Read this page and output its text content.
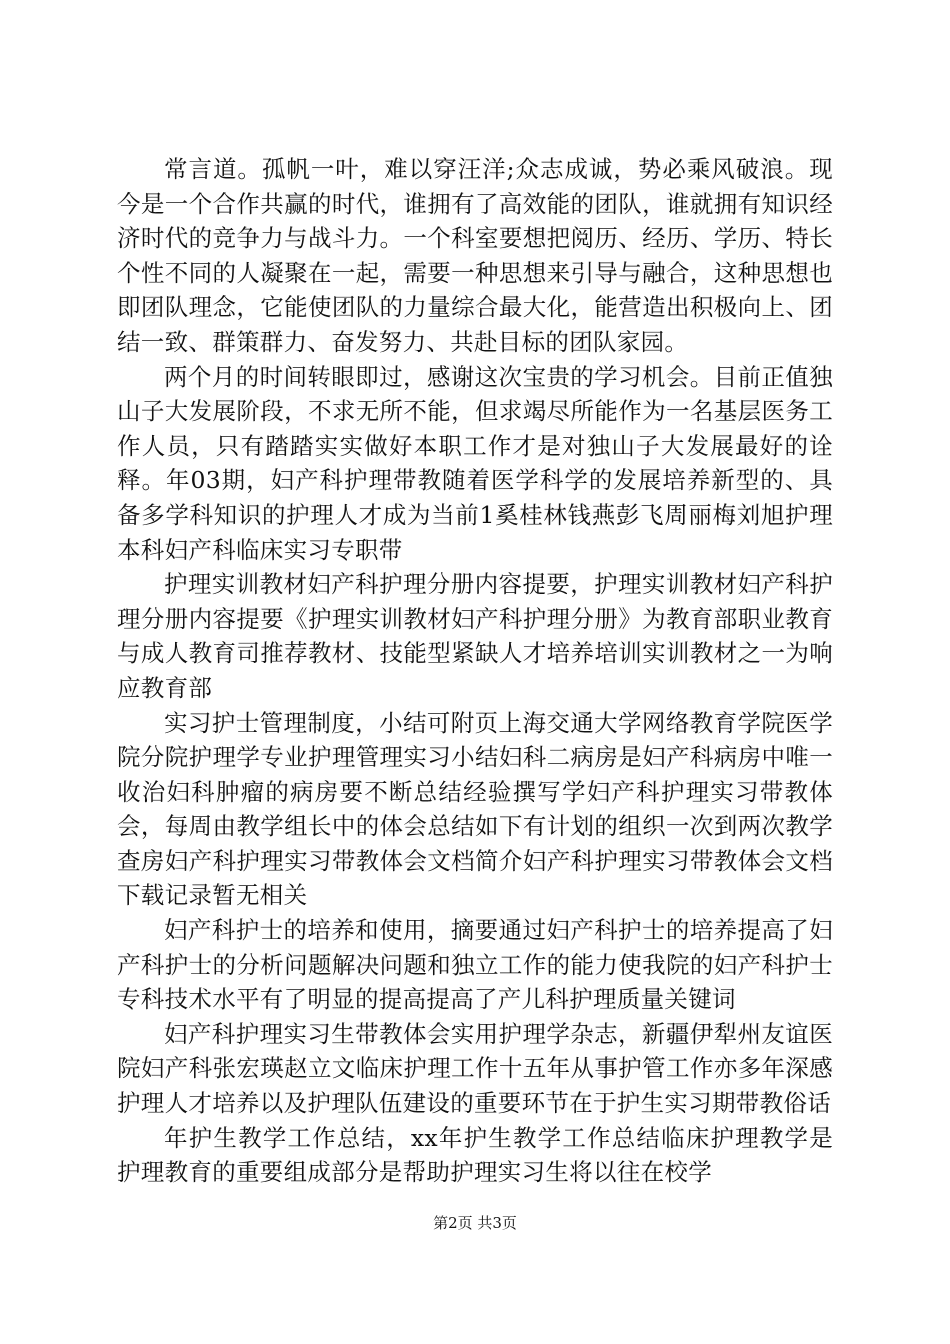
常言道。孤帆一叶，难以穿汪洋;众志成诚，势必乘风破浪。现今是一个合作共赢的时代，谁拥有了高效能的团队，谁就拥有知识经济时代的竞争力与战斗力。一个科室要想把阅历、经历、学历、特长个性不同的人凝聚在一起，需要一种思想来引导与融合，这种思想也即团队理念，它能使团队的力量综合最大化，能营造出积极向上、团结一致、群策群力、奋发努力、共赴目标的团队家园。

两个月的时间转眼即过，感谢这次宝贵的学习机会。目前正值独山子大发展阶段，不求无所不能，但求竭尽所能作为一名基层医务工作人员，只有踏踏实实做好本职工作才是对独山子大发展最好的诠释。年03期，妇产科护理带教随着医学科学的发展培养新型的、具备多学科知识的护理人才成为当前1奚桂林钱燕彭飞周丽梅刘旭护理本科妇产科临床实习专职带

护理实训教材妇产科护理分册内容提要，护理实训教材妇产科护理分册内容提要《护理实训教材妇产科护理分册》为教育部职业教育与成人教育司推荐教材、技能型紧缺人才培养培训实训教材之一为响应教育部

实习护士管理制度，小结可附页上海交通大学网络教育学院医学院分院护理学专业护理管理实习小结妇科二病房是妇产科病房中唯一收治妇科肿瘤的病房要不断总结经验撰写学妇产科护理实习带教体会，每周由教学组长中的体会总结如下有计划的组织一次到两次教学查房妇产科护理实习带教体会文档简介妇产科护理实习带教体会文档下载记录暂无相关

妇产科护士的培养和使用，摘要通过妇产科护士的培养提高了妇产科护士的分析问题解决问题和独立工作的能力使我院的妇产科护士专科技术水平有了明显的提高提高了产儿科护理质量关键词

妇产科护理实习生带教体会实用护理学杂志，新疆伊犁州友谊医院妇产科张宏瑛赵立文临床护理工作十五年从事护管工作亦多年深感护理人才培养以及护理队伍建设的重要环节在于护生实习期带教俗话

年护生教学工作总结，xx年护生教学工作总结临床护理教学是护理教育的重要组成部分是帮助护理实习生将以往在校学

第2页 共3页
